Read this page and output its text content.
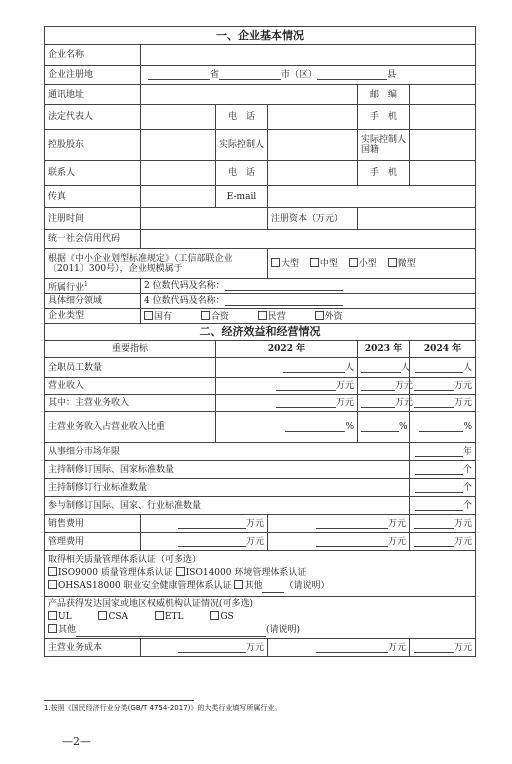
一、企业基本情况					
企业名称					
企业注册地	省 市（区） 县				
通讯地址				邮　编	
法定代表人		电　话		手　机	
控股股东		实际控制人		实际控制人国籍	
联系人		电　话		手　机	
传真		E-mail			
注册时间			注册资本（万元）		
统一社会信用代码					
根据《中小企业划型标准规定》（工信部联企业〔2011〕300号），企业规模属于			大型 中型 小型 微型		
所属行业$^1$	2 位数代码及名称：				
具体细分领域	4 位数代码及名称：				
企业类型	国有 合资 民营 外资				
二、经济效益和经营情况					
重要指标		2022 年		2023 年	2024 年
全职员工数量		人		人	人
营业收入		万元		万元	万元
其中：主营业务收入		万元		万元	万元
主营业务收入占营业收入比重		%		%	%
从事细分市场年限					年
主持制修订国际、国家标准数量					个
主持制修订行业标准数量					个
参与制修订国际、国家、行业标准数量					个
销售费用	万元		万元		万元
管理费用	万元		万元		万元

取得相关质量管理体系认证（可多选）
ISO9000 质量管理体系认证 ISO14000 环境管理体系认证
OHSAS18000 职业安全健康管理体系认证 其他 （请说明）					

产品获得发达国家或地区权威机构认证情况(可多选)
UL CSA ETL GS
其他 (请说明)					

主营业务成本	万元		万元		万元
1.按照《国民经济行业分类(GB/T 4754-2017)》的大类行业填写所属行业。
—2—
